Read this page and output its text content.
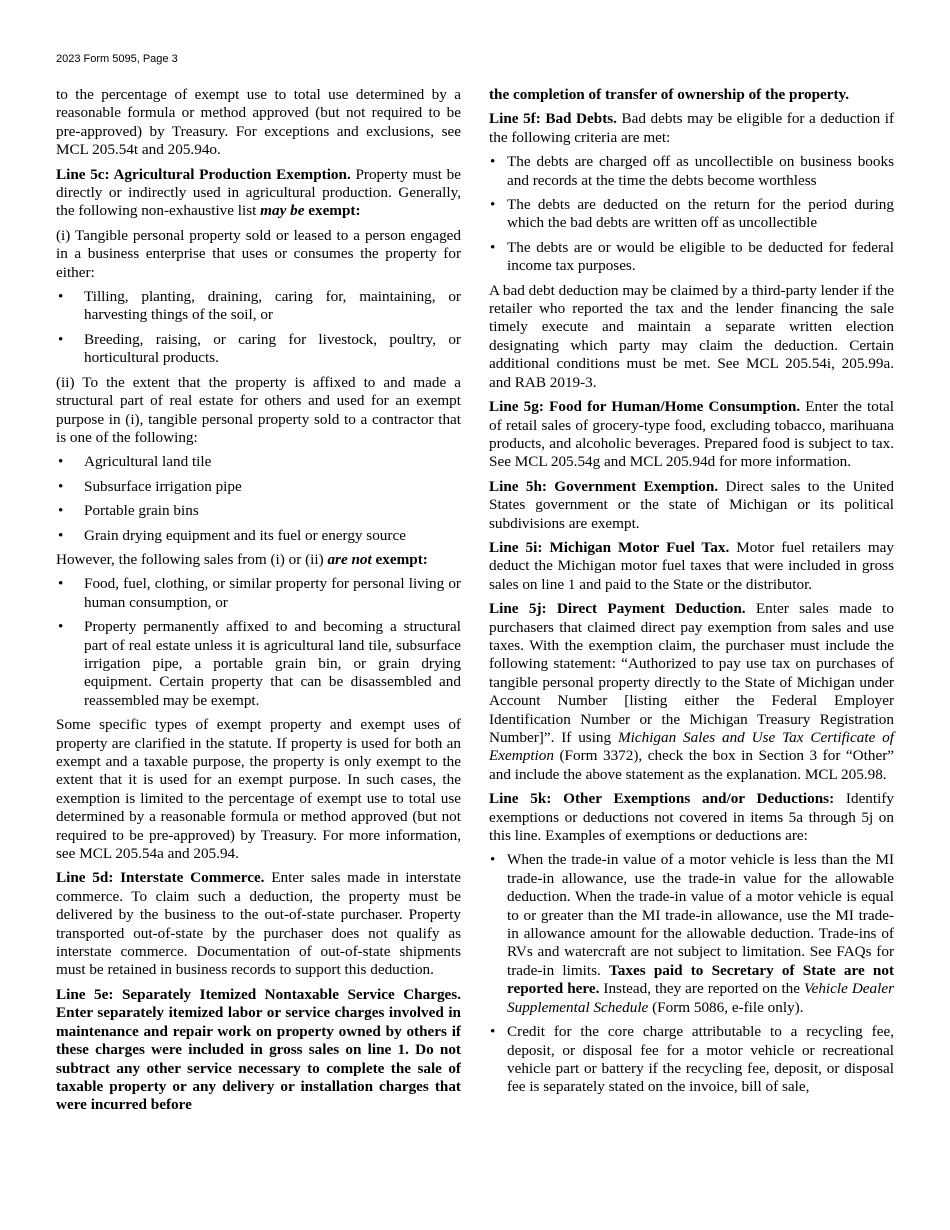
2023 Form 5095, Page 3
to the percentage of exempt use to total use determined by a reasonable formula or method approved (but not required to be pre-approved) by Treasury. For exceptions and exclusions, see MCL 205.54t and 205.94o.
Line 5c: Agricultural Production Exemption. Property must be directly or indirectly used in agricultural production. Generally, the following non-exhaustive list may be exempt:
(i) Tangible personal property sold or leased to a person engaged in a business enterprise that uses or consumes the property for either:
• Tilling, planting, draining, caring for, maintaining, or harvesting things of the soil, or
• Breeding, raising, or caring for livestock, poultry, or horticultural products.
(ii) To the extent that the property is affixed to and made a structural part of real estate for others and used for an exempt purpose in (i), tangible personal property sold to a contractor that is one of the following:
• Agricultural land tile
• Subsurface irrigation pipe
• Portable grain bins
• Grain drying equipment and its fuel or energy source
However, the following sales from (i) or (ii) are not exempt:
• Food, fuel, clothing, or similar property for personal living or human consumption, or
• Property permanently affixed to and becoming a structural part of real estate unless it is agricultural land tile, subsurface irrigation pipe, a portable grain bin, or grain drying equipment. Certain property that can be disassembled and reassembled may be exempt.
Some specific types of exempt property and exempt uses of property are clarified in the statute. If property is used for both an exempt and a taxable purpose, the property is only exempt to the extent that it is used for an exempt purpose. In such cases, the exemption is limited to the percentage of exempt use to total use determined by a reasonable formula or method approved (but not required to be pre-approved) by Treasury. For more information, see MCL 205.54a and 205.94.
Line 5d: Interstate Commerce. Enter sales made in interstate commerce. To claim such a deduction, the property must be delivered by the business to the out-of-state purchaser. Property transported out-of-state by the purchaser does not qualify as interstate commerce. Documentation of out-of-state shipments must be retained in business records to support this deduction.
Line 5e: Separately Itemized Nontaxable Service Charges. Enter separately itemized labor or service charges involved in maintenance and repair work on property owned by others if these charges were included in gross sales on line 1. Do not subtract any other service necessary to complete the sale of taxable property or any delivery or installation charges that were incurred before
the completion of transfer of ownership of the property.
Line 5f: Bad Debts. Bad debts may be eligible for a deduction if the following criteria are met:
• The debts are charged off as uncollectible on business books and records at the time the debts become worthless
• The debts are deducted on the return for the period during which the bad debts are written off as uncollectible
• The debts are or would be eligible to be deducted for federal income tax purposes.
A bad debt deduction may be claimed by a third-party lender if the retailer who reported the tax and the lender financing the sale timely execute and maintain a separate written election designating which party may claim the deduction. Certain additional conditions must be met. See MCL 205.54i, 205.99a. and RAB 2019-3.
Line 5g: Food for Human/Home Consumption. Enter the total of retail sales of grocery-type food, excluding tobacco, marihuana products, and alcoholic beverages. Prepared food is subject to tax. See MCL 205.54g and MCL 205.94d for more information.
Line 5h: Government Exemption. Direct sales to the United States government or the state of Michigan or its political subdivisions are exempt.
Line 5i: Michigan Motor Fuel Tax. Motor fuel retailers may deduct the Michigan motor fuel taxes that were included in gross sales on line 1 and paid to the State or the distributor.
Line 5j: Direct Payment Deduction. Enter sales made to purchasers that claimed direct pay exemption from sales and use taxes. With the exemption claim, the purchaser must include the following statement: “Authorized to pay use tax on purchases of tangible personal property directly to the State of Michigan under Account Number [listing either the Federal Employer Identification Number or the Michigan Treasury Registration Number]”. If using Michigan Sales and Use Tax Certificate of Exemption (Form 3372), check the box in Section 3 for “Other” and include the above statement as the explanation. MCL 205.98.
Line 5k: Other Exemptions and/or Deductions: Identify exemptions or deductions not covered in items 5a through 5j on this line. Examples of exemptions or deductions are:
• When the trade-in value of a motor vehicle is less than the MI trade-in allowance, use the trade-in value for the allowable deduction. When the trade-in value of a motor vehicle is equal to or greater than the MI trade-in allowance, use the MI trade-in allowance amount for the allowable deduction. Trade-ins of RVs and watercraft are not subject to limitation. See FAQs for trade-in limits. Taxes paid to Secretary of State are not reported here. Instead, they are reported on the Vehicle Dealer Supplemental Schedule (Form 5086, e-file only).
• Credit for the core charge attributable to a recycling fee, deposit, or disposal fee for a motor vehicle or recreational vehicle part or battery if the recycling fee, deposit, or disposal fee is separately stated on the invoice, bill of sale,
